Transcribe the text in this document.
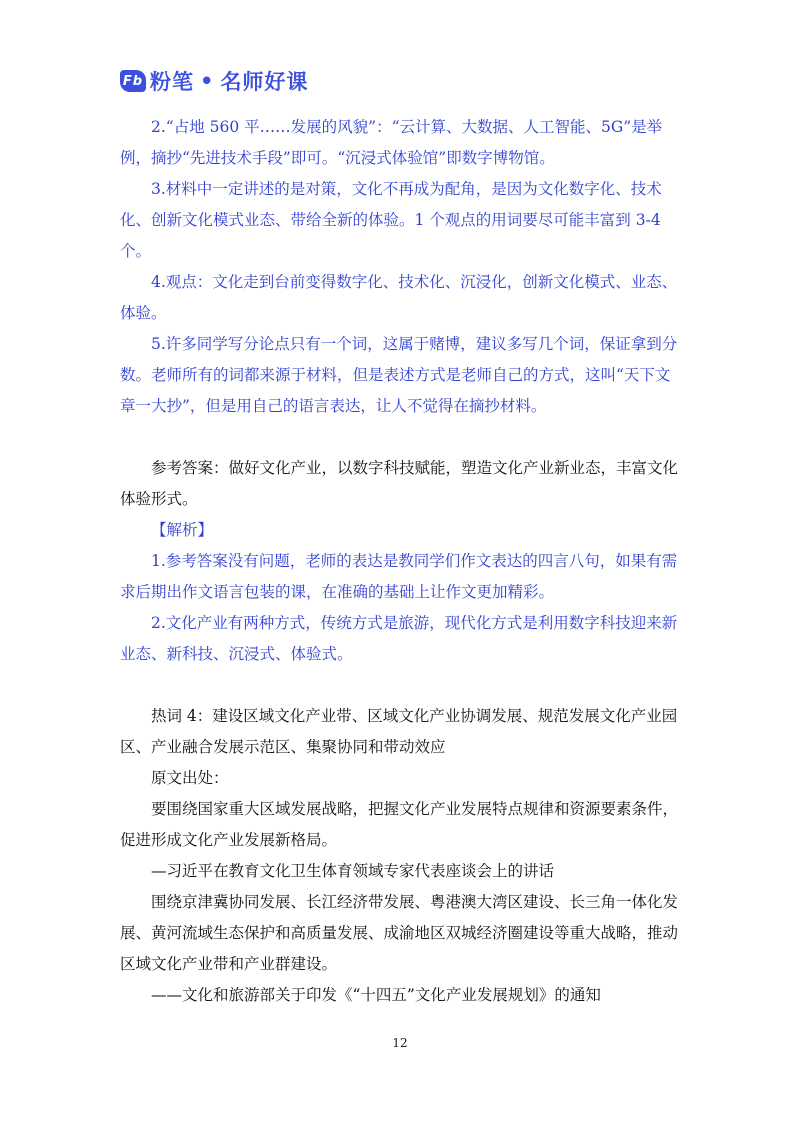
Fb 粉笔 • 名师好课

2.“占地 560 平……发展的风貌”：“云计算、大数据、人工智能、5G”是举例，摘抄“先进技术手段”即可。“沉浸式体验馆”即数字博物馆。

3.材料中一定讲述的是对策，文化不再成为配角，是因为文化数字化、技术化、创新文化模式业态、带给全新的体验。1 个观点的用词要尽可能丰富到 3-4 个。

4.观点：文化走到台前变得数字化、技术化、沉浸化，创新文化模式、业态、体验。

5.许多同学写分论点只有一个词，这属于赌博，建议多写几个词，保证拿到分数。老师所有的词都来源于材料，但是表述方式是老师自己的方式，这叫“天下文章一大抄”，但是用自己的语言表达，让人不觉得在摘抄材料。

参考答案：做好文化产业，以数字科技赋能，塑造文化产业新业态，丰富文化体验形式。

【解析】

1.参考答案没有问题，老师的表达是教同学们作文表达的四言八句，如果有需求后期出作文语言包装的课，在准确的基础上让作文更加精彩。

2.文化产业有两种方式，传统方式是旅游，现代化方式是利用数字科技迎来新业态、新科技、沉浸式、体验式。

热词 4：建设区域文化产业带、区域文化产业协调发展、规范发展文化产业园区、产业融合发展示范区、集聚协同和带动效应

原文出处：

要围绕国家重大区域发展战略，把握文化产业发展特点规律和资源要素条件，促进形成文化产业发展新格局。

—习近平在教育文化卫生体育领域专家代表座谈会上的讲话

围绕京津冀协同发展、长江经济带发展、粤港澳大湾区建设、长三角一体化发展、黄河流域生态保护和高质量发展、成渝地区双城经济圈建设等重大战略，推动区域文化产业带和产业群建设。

——文化和旅游部关于印发《“十四五”文化产业发展规划》的通知

12
